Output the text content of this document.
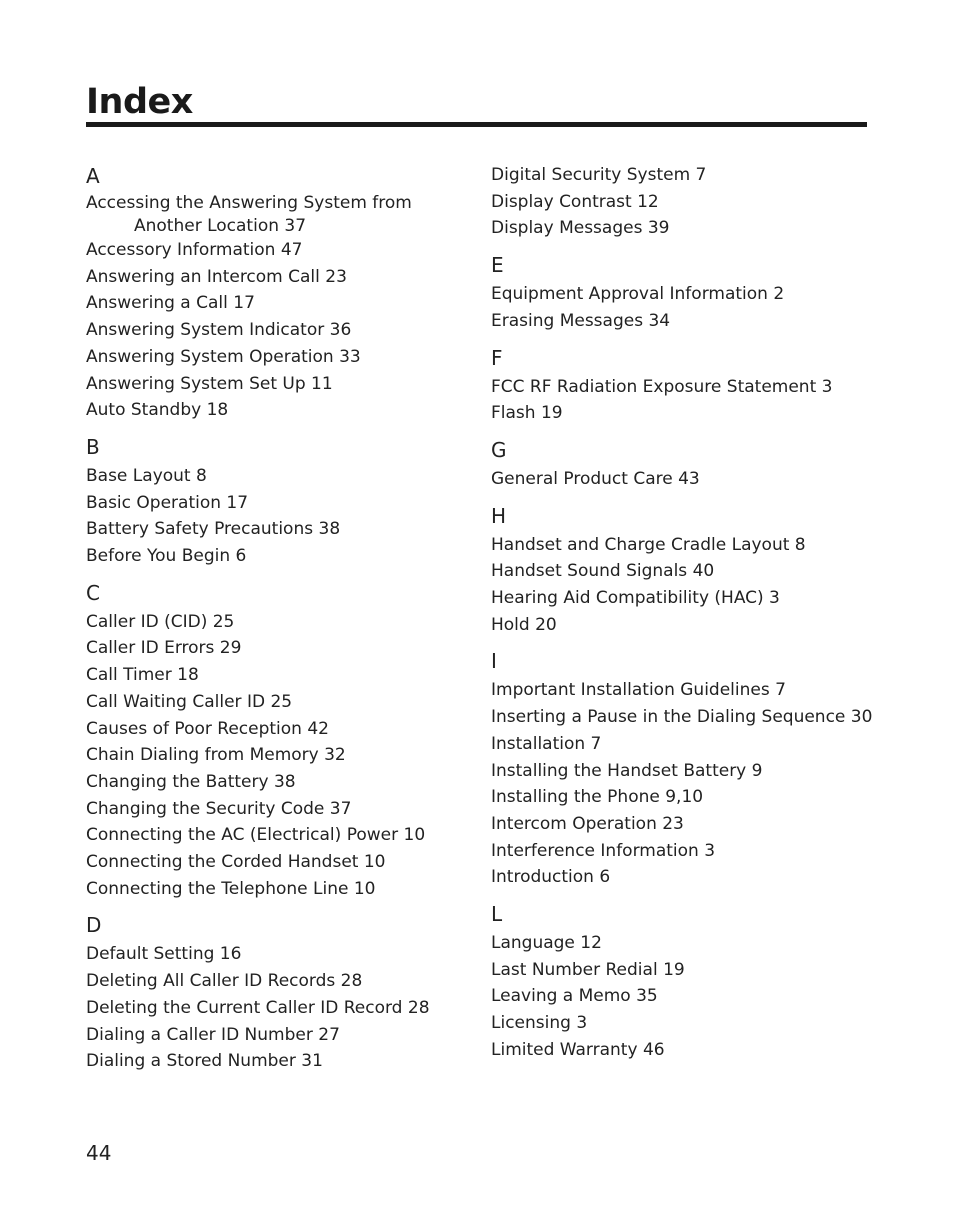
Index
A
Accessing the Answering System from
Another Location 37
Accessory Information 47
Answering an Intercom Call 23
Answering a Call 17
Answering System Indicator 36
Answering System Operation 33
Answering System Set Up 11
Auto Standby 18
B
Base Layout 8
Basic Operation 17
Battery Safety Precautions 38
Before You Begin 6
C
Caller ID (CID) 25
Caller ID Errors 29
Call Timer 18
Call Waiting Caller ID 25
Causes of Poor Reception 42
Chain Dialing from Memory 32
Changing the Battery 38
Changing the Security Code 37
Connecting the AC (Electrical) Power 10
Connecting the Corded Handset 10
Connecting the Telephone Line 10
D
Default Setting 16
Deleting All Caller ID Records 28
Deleting the Current Caller ID Record 28
Dialing a Caller ID Number 27
Dialing a Stored Number 31
Digital Security System 7
Display Contrast 12
Display Messages 39
E
Equipment Approval Information 2
Erasing Messages 34
F
FCC RF Radiation Exposure Statement 3
Flash 19
G
General Product Care 43
H
Handset and Charge Cradle Layout 8
Handset Sound Signals 40
Hearing Aid Compatibility (HAC) 3
Hold 20
I
Important Installation Guidelines 7
Inserting a Pause in the Dialing Sequence 30
Installation 7
Installing the Handset Battery 9
Installing the Phone 9,10
Intercom Operation 23
Interference Information 3
Introduction 6
L
Language 12
Last Number Redial 19
Leaving a Memo 35
Licensing 3
Limited Warranty 46
44
